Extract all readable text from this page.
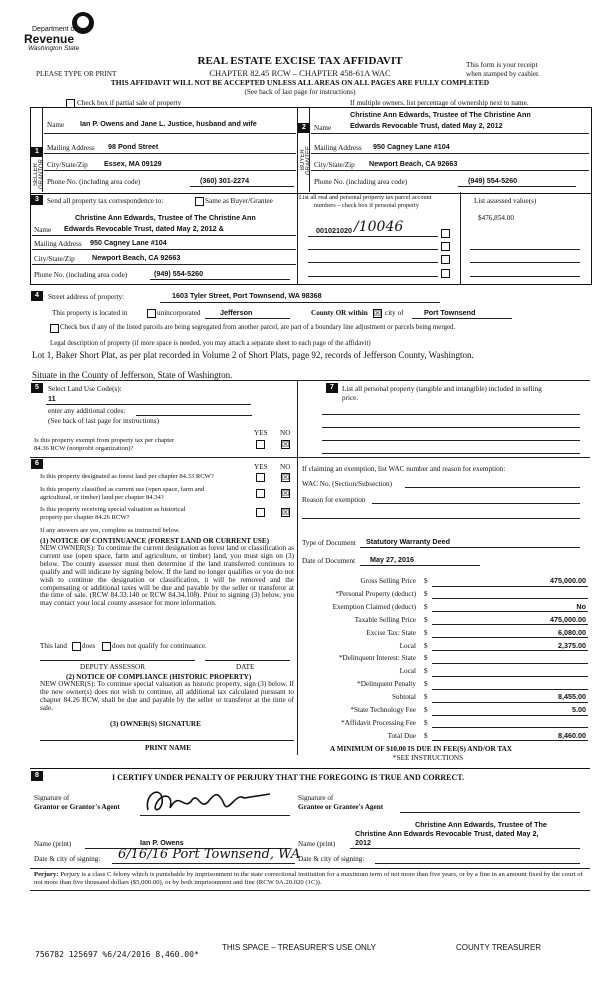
Department of
Revenue
Washington State
REAL ESTATE EXCISE TAX AFFIDAVIT
PLEASE TYPE OR PRINT	CHAPTER 82.45 RCW – CHAPTER 458-61A WAC
This form is your receipt
when stamped by cashier.
THIS AFFIDAVIT WILL NOT BE ACCEPTED UNLESS ALL AREAS ON ALL PAGES ARE FULLY COMPLETED
(See back of last page for instructions)
Check box if partial sale of property	If multiple owners, list percentage of ownership next to name.
1
SELLER GRANTOR
Name Ian P. Owens and Jane L. Justice, husband and wife
Mailing Address 98 Pond Street
City/State/Zip Essex, MA 09129
Phone No. (including area code)	(360) 301-2274
2
BUYER GRANTEE
Christine Ann Edwards, Trustee of The Christine Ann
Name	Edwards Revocable Trust, dated May 2, 2012
Mailing Address 950 Cagney Lane #104
City/State/Zip Newport Beach, CA 92663
Phone No. (including area code)	(949) 554-5260
3	Send all property tax correspondence to:	Same as Buyer/Grantee
Christine Ann Edwards, Trustee of The Christine Ann
Name Edwards Revocable Trust, dated May 2, 2012 &
Mailing Address 950 Cagney Lane #104
City/State/Zip Newport Beach, CA 92663
Phone No. (including area code)	(949) 554-5260
List all real and personal property tax parcel account
numbers – check box if personal property
List assessed value(s)
001021020 /10046
$476,854.00
4	Street address of property:	1603 Tyler Street, Port Townsend, WA 98368
This property is located in	unincorporated	Jefferson	County OR within ☒ city of	Port Townsend
Check box if any of the listed parcels are being segregated from another parcel, are part of a boundary line adjustment or parcels being merged.
Legal description of property (if more space is needed, you may attach a separate sheet to each page of the affidavit)
Lot 1, Baker Short Plat, as per plat recorded in Volume 2 of Short Plats, page 92, records of Jefferson County, Washington.
Situate in the County of Jefferson, State of Washington.
5	Select Land Use Code(s):
11
enter any additional codes:
(See back of last page for instructions)
YES NO
Is this property exempt from property tax per chapter
84.36 RCW (nonprofit organization)?	☒
7	List all personal property (tangible and intangible) included in selling
price.
6	YES NO
Is this property designated as forest land per chapter 84.33 RCW?	☒
Is this property classified as current use (open space, farm and
agricultural, or timber) land per chapter 84.34?	☒
Is this property receiving special valuation as historical
property per chapter 84.26 RCW?
☒
If any answers are yes, complete as instructed below.
(1) NOTICE OF CONTINUANCE (FOREST LAND OR CURRENT USE)
NEW OWNER(S): To continue the current designation as forest land or classification as current use (open space, farm and agriculture, or timber) land, you must sign on (3) below. The county assessor must then determine if the land transferred continues to qualify and will indicate by signing below. If the land no longer qualifies or you do not wish to continue the designation or classification, it will be removed and the compensating or additional taxes will be due and payable by the seller or transferor at the time of sale. (RCW 84.33.140 or RCW 84.34.108). Prior to signing (3) below, you may contact your local county assessor for more information.
This land does does not qualify for continuance.
DEPUTY ASSESSOR	DATE
(2) NOTICE OF COMPLIANCE (HISTORIC PROPERTY)
NEW OWNER(S): To continue special valuation as historic property, sign (3) below. If the new owner(s) does not wish to continue, all additional tax calculated pursuant to chapter 84.26 RCW, shall be due and payable by the seller or transferor at the time of sale.
(3) OWNER(S) SIGNATURE
PRINT NAME
If claiming an exemption, list WAC number and reason for exemption:
WAC No. (Section/Subsection)
Reason for exemption
Type of Document Statutory Warranty Deed
Date of Document May 27, 2016
Gross Selling Price $	475,000.00
*Personal Property (deduct) $
Exemption Claimed (deduct) $	No
Taxable Selling Price $	475,000.00
Excise Tax: State $	6,080.00
Local $	2,375.00
*Delinquent Interest: State $
Local $
*Delinquent Penalty $
Subtotal $	8,455.00
*State Technology Fee $	5.00
*Affidavit Processing Fee $
Total Due $	8,460.00
A MINIMUM OF $10.00 IS DUE IN FEE(S) AND/OR TAX
*SEE INSTRUCTIONS
8	I CERTIFY UNDER PENALTY OF PERJURY THAT THE FOREGOING IS TRUE AND CORRECT.
Signature of
Grantor or Grantor's Agent
Signature of
Grantee or Grantee's Agent
Christine Ann Edwards, Trustee of The
Christine Ann Edwards Revocable Trust, dated May 2,
Name (print)	Ian P. Owens	Name (print)	2012
Date & city of signing: 6/16/16 Port Townsend, WA
Date & city of signing:
Perjury: Perjury is a class C felony which is punishable by imprisonment in the state correctional institution for a maximum term of not more than five years, or by a fine in an amount fixed by the court of not more than five thousand dollars ($5,000.00), or by both imprisonment and fine (RCW 9A.20.020 (1C)).
756782 125697 %6/24/2016 8,460.00*
THIS SPACE – TREASURER'S USE ONLY	COUNTY TREASURER
